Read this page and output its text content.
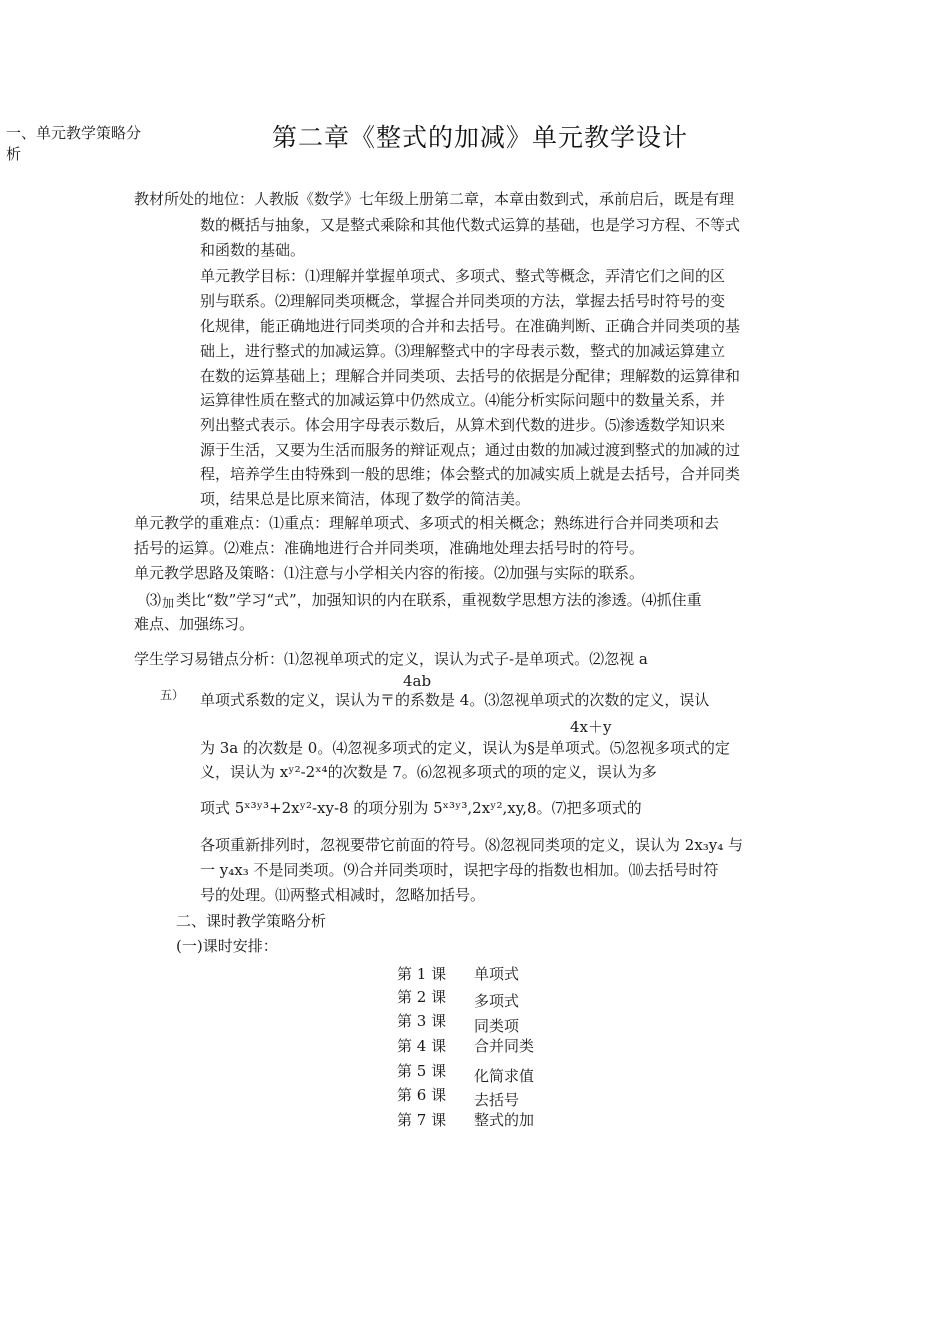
一、单元教学策略分
析
第二章《整式的加减》单元教学设计
教材所处的地位：人教版《数学》七年级上册第二章，本章由数到式，承前启后，既是有理
数的概括与抽象，又是整式乘除和其他代数式运算的基础，也是学习方程、不等式
和函数的基础。
单元教学目标：⑴理解并掌握单项式、多项式、整式等概念，弄清它们之间的区
别与联系。⑵理解同类项概念，掌握合并同类项的方法，掌握去括号时符号的变
化规律，能正确地进行同类项的合并和去括号。在准确判断、正确合并同类项的基
础上，进行整式的加减运算。⑶理解整式中的字母表示数，整式的加减运算建立
在数的运算基础上；理解合并同类项、去括号的依据是分配律；理解数的运算律和
运算律性质在整式的加减运算中仍然成立。⑷能分析实际问题中的数量关系，并
列出整式表示。体会用字母表示数后，从算术到代数的进步。⑸渗透数学知识来
源于生活，又要为生活而服务的辩证观点；通过由数的加减过渡到整式的加减的过
程，培养学生由特殊到一般的思维；体会整式的加减实质上就是去括号，合并同类
项，结果总是比原来简洁，体现了数学的简洁美。
单元教学的重难点：⑴重点：理解单项式、多项式的相关概念；熟练进行合并同类项和去
括号的运算。⑵难点：准确地进行合并同类项，准确地处理去括号时的符号。
单元教学思路及策略：⑴注意与小学相关内容的衔接。⑵加强与实际的联系。
⑶ 加 类比“数”学习“式”，加强知识的内在联系，重视数学思想方法的渗透。⑷抓住重
难点、加强练习。
学生学习易错点分析：⑴忽视单项式的定义，误认为式子-是单项式。⑵忽视 a
4ab
五） 单项式系数的定义，误认为〒的系数是 4。⑶忽视单项式的次数的定义，误认
4x＋y
为 3a 的次数是 0。⑷忽视多项式的定义，误认为§是单项式。⑸忽视多项式的定
义，误认为 xʸ²-2ˣ⁴的次数是 7。⑹忽视多项式的项的定义，误认为多
项式 5ˣ³ʸ³+2xʸ²-xy-8 的项分别为 5ˣ³ʸ³,2xʸ²,xy,8。⑺把多项式的
各项重新排列时，忽视要带它前面的符号。⑻忽视同类项的定义，误认为 2x₃y₄ 与
一 y₄x₃ 不是同类项。⑼合并同类项时，误把字母的指数也相加。⑽去括号时符
号的处理。⑾两整式相减时，忽略加括号。
二、课时教学策略分析
(一)课时安排：
第 1 课 单项式
第 2 课 多项式
第 3 课 同类项
第 4 课 合并同类
第 5 课 化简求值
第 6 课 去括号
第 7 课 整式的加
